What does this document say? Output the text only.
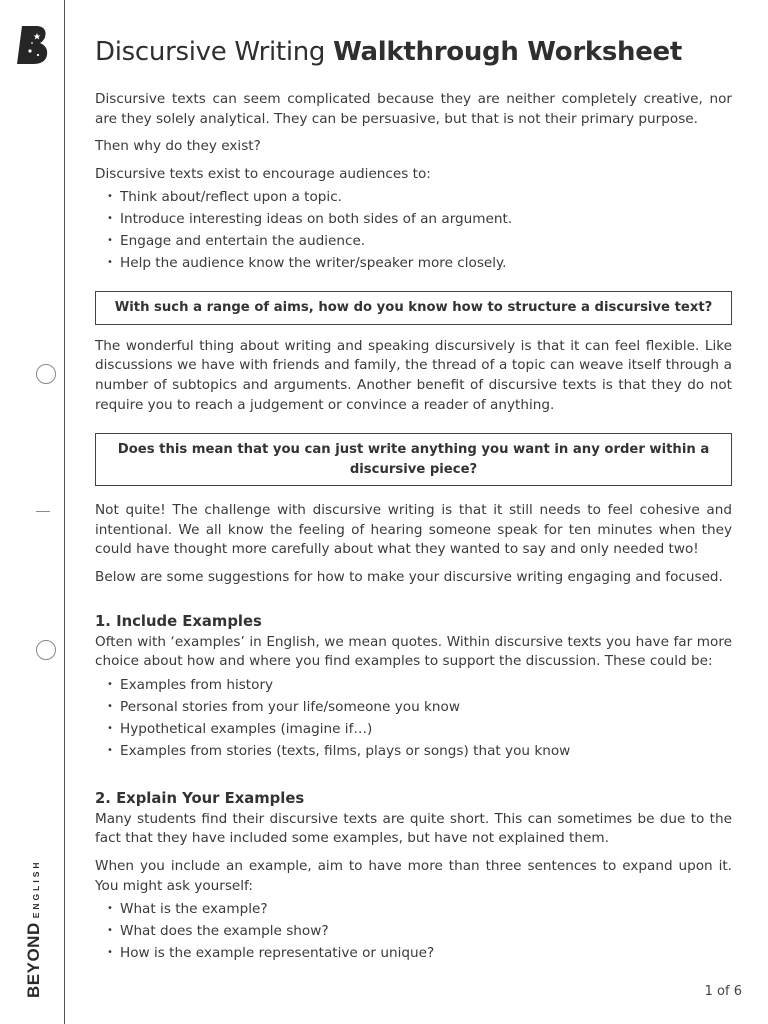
BEYONDENGLISH
Discursive Writing Walkthrough Worksheet

Discursive texts can seem complicated because they are neither completely creative, nor are they solely analytical. They can be persuasive, but that is not their primary purpose.

Then why do they exist?

Discursive texts exist to encourage audiences to:

• Think about/reflect upon a topic.
• Introduce interesting ideas on both sides of an argument.
• Engage and entertain the audience.
• Help the audience know the writer/speaker more closely.
With such a range of aims, how do you know how to structure a discursive text?

The wonderful thing about writing and speaking discursively is that it can feel flexible. Like discussions we have with friends and family, the thread of a topic can weave itself through a number of subtopics and arguments. Another benefit of discursive texts is that they do not require you to reach a judgement or convince a reader of anything.

Does this mean that you can just write anything you want in any order within a discursive piece?

Not quite! The challenge with discursive writing is that it still needs to feel cohesive and intentional. We all know the feeling of hearing someone speak for ten minutes when they could have thought more carefully about what they wanted to say and only needed two!

Below are some suggestions for how to make your discursive writing engaging and focused.

1. Include Examples

Often with ‘examples’ in English, we mean quotes. Within discursive texts you have far more choice about how and where you find examples to support the discussion. These could be:

• Examples from history
• Personal stories from your life/someone you know
• Hypothetical examples (imagine if…)
• Examples from stories (texts, films, plays or songs) that you know
2. Explain Your Examples

Many students find their discursive texts are quite short. This can sometimes be due to the fact that they have included some examples, but have not explained them.

When you include an example, aim to have more than three sentences to expand upon it. You might ask yourself:

• What is the example?
• What does the example show?
• How is the example representative or unique?
1 of 6
